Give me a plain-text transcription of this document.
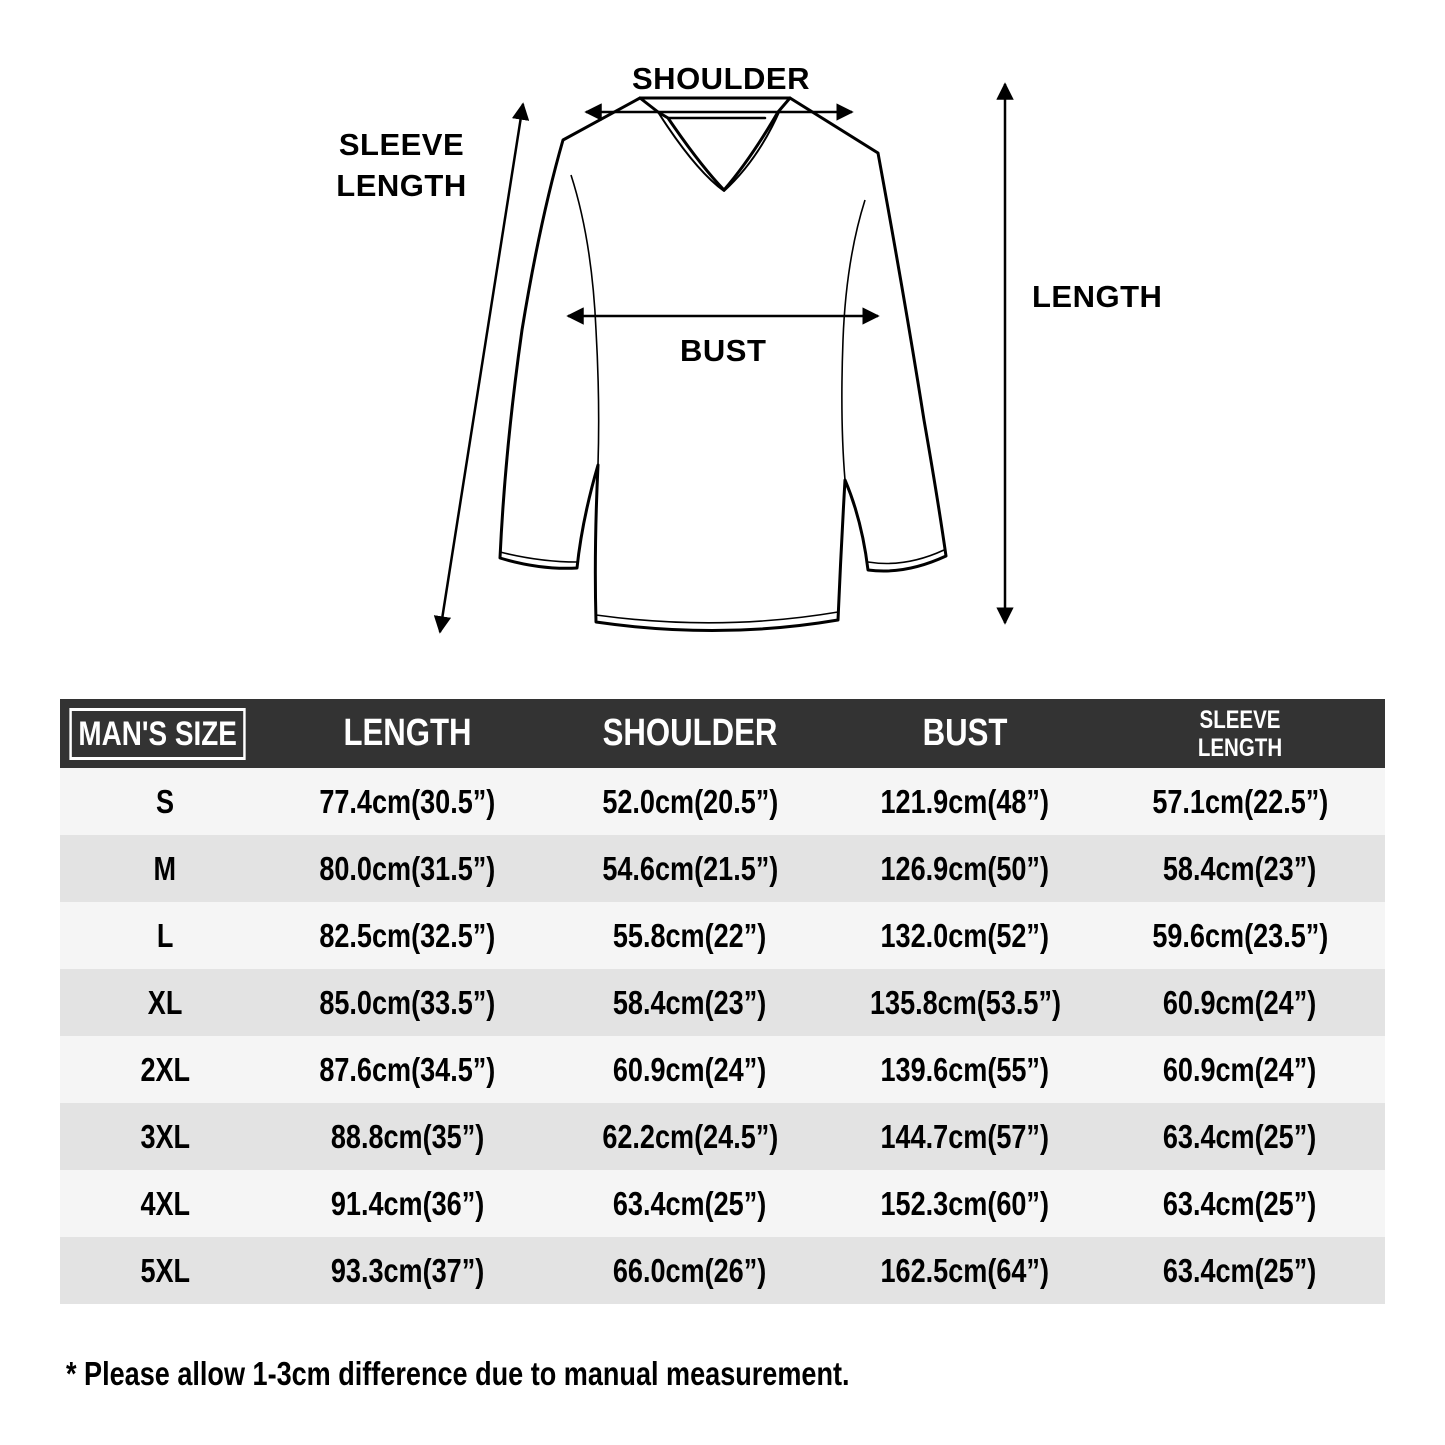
SHOULDER
SLEEVE
LENGTH
BUST
LENGTH
MAN'S SIZE	LENGTH	SHOULDER	BUST	SLEEVE
LENGTH

S	77.4cm(30.5”)	52.0cm(20.5”)	121.9cm(48”)	57.1cm(22.5”)
M	80.0cm(31.5”)	54.6cm(21.5”)	126.9cm(50”)	58.4cm(23”)
L	82.5cm(32.5”)	55.8cm(22”)	132.0cm(52”)	59.6cm(23.5”)
XL	85.0cm(33.5”)	58.4cm(23”)	135.8cm(53.5”)	60.9cm(24”)
2XL	87.6cm(34.5”)	60.9cm(24”)	139.6cm(55”)	60.9cm(24”)
3XL	88.8cm(35”)	62.2cm(24.5”)	144.7cm(57”)	63.4cm(25”)
4XL	91.4cm(36”)	63.4cm(25”)	152.3cm(60”)	63.4cm(25”)
5XL	93.3cm(37”)	66.0cm(26”)	162.5cm(64”)	63.4cm(25”)
* Please allow 1-3cm difference due to manual measurement.
